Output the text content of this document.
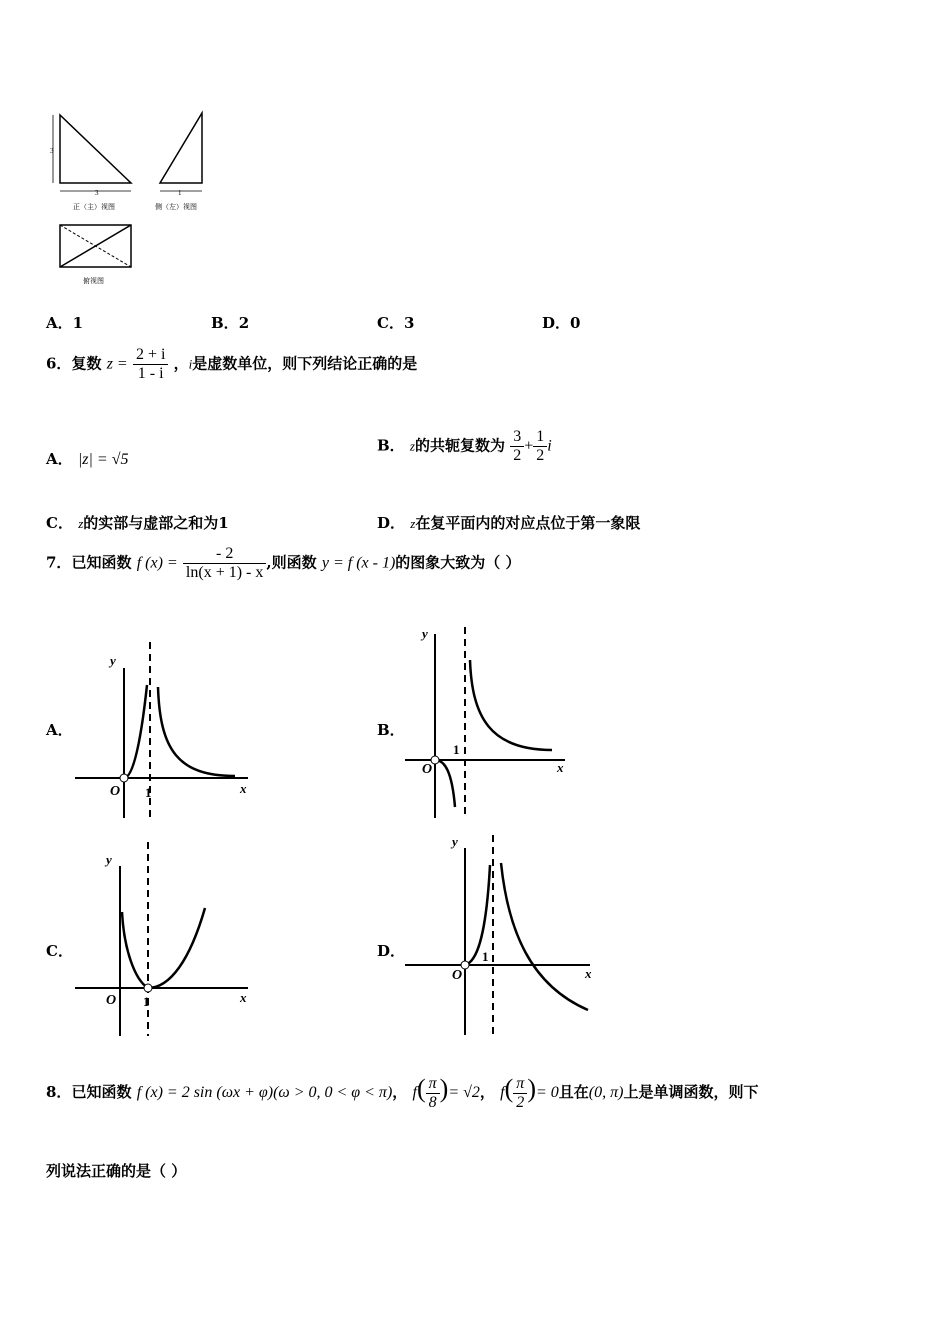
3
3
正（主）视图
1
侧（左）视图
俯视图
A．1	B．2	C．3	D．0
6．复数 $z = \frac{2 + i}{1 - i}$ ，i是虚数单位，则下列结论正确的是
A． |z| = √5
B． z的共轭复数为 $\frac{3}{2} + \frac{1}{2}$ i
C． z的实部与虚部之和为1	D． z在复平面内的对应点位于第一象限
7．已知函数 f $(x) = \frac{- 2}{\ln(x + 1) - x}$ ,则函数 y = f (x - 1)的图象大致为（ ）
A．
y
x
O 1
B．
y
x
O
1
C．
y
x
O 1
D．
y
x
O
1
8．已知函数 f (x) = 2 sin (ωx + φ)(ω > 0, 0 < φ < π)， $f( \frac{\pi}{8}$ )= √2， $f( \frac{\pi}{2}$ )= 0且在(0, π)上是单调函数，则下
列说法正确的是（ ）
